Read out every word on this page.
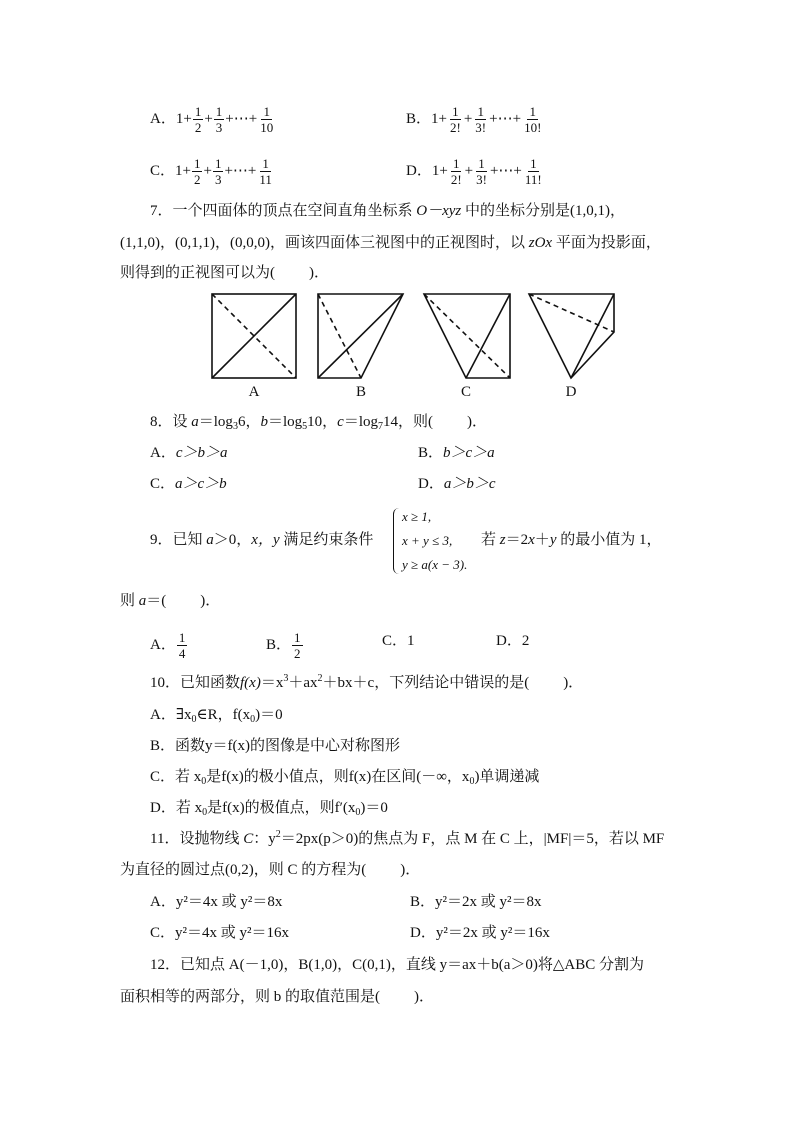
A．$1+ \frac{1}{2} + \frac{1}{3}$ +⋯+ $\frac{1}{10}$	B．$1+ \frac{1}{2!} + \frac{1}{3!}$ +⋯+ $\frac{1}{10!}$
C．$1+ \frac{1}{2} + \frac{1}{3}$ +⋯+ $\frac{1}{11}$	D．$1+ \frac{1}{2!} + \frac{1}{3!}$ +⋯+ $\frac{1}{11!}$
7．一个四面体的顶点在空间直角坐标系 O－xyz 中的坐标分别是(1,0,1)，
(1,1,0)，(0,1,1)，(0,0,0)，画该四面体三视图中的正视图时，以 zOx 平面为投影面，
则得到的正视图可以为( )．
A	B	C	D
8．设 $a=\log_36$，$b=\log_510$，$c=\log_714$，则( )．
A．c＞b＞a	B．b＞c＞a
C．a＞c＞b	D．a＞b＞c
9．已知 a＞0，x，y 满足约束条件
x ≥ 1,
x + y ≤ 3,
y ≥ a(x − 3).
若 z＝2x＋y 的最小值为 1，
则 a＝( )．
A． $\frac{1}{4}$	B． $\frac{1}{2}$	C．1	D．2
10．已知函数$f(x)=x^3+ax^2+bx+c$，下列结论中错误的是( )．
A．$\exists x_0\in R$，$f(x_0)=0$
B．函数y＝f(x)的图像是中心对称图形
C．若 $x_0$是f(x)的极小值点，则f(x)在区间(－∞，$x_0$)单调递减
D．若 $x_0$是f(x)的极值点，则$f'(x_0)=0$
11．设抛物线 C：$y^2=2px(p>0)$的焦点为 F，点 M 在 C 上，|MF|＝5，若以 MF
为直径的圆过点(0,2)，则 C 的方程为( )．
A．y²＝4x 或 y²＝8x	B．y²＝2x 或 y²＝8x
C．y²＝4x 或 y²＝16x	D．y²＝2x 或 y²＝16x
12．已知点 A(－1,0)，B(1,0)，C(0,1)，直线 y＝ax＋b(a＞0)将△ABC 分割为
面积相等的两部分，则 b 的取值范围是( )．
